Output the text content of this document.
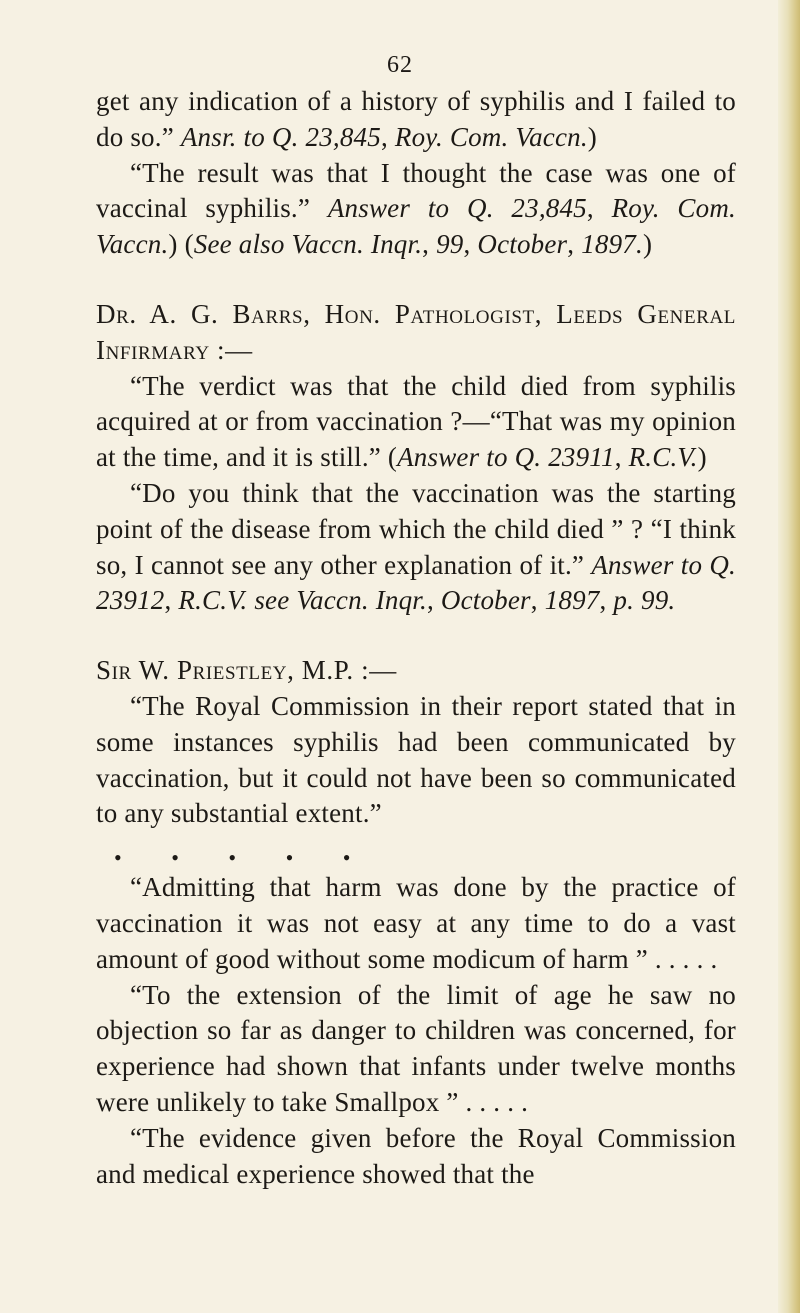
62

get any indication of a history of syphilis and I failed to do so.” Ansr. to Q. 23,845, Roy. Com. Vaccn.)

“The result was that I thought the case was one of vaccinal syphilis.” Answer to Q. 23,845, Roy. Com. Vaccn.) (See also Vaccn. Inqr., 99, October, 1897.)

Dr. A. G. Barrs, Hon. Pathologist, Leeds General Infirmary :—

“The verdict was that the child died from syphilis acquired at or from vaccination ?—“That was my opinion at the time, and it is still.” (Answer to Q. 23911, R.C.V.)

“Do you think that the vaccination was the starting point of the disease from which the child died ” ? “I think so, I cannot see any other explanation of it.” Answer to Q. 23912, R.C.V. see Vaccn. Inqr., October, 1897, p. 99.

Sir W. Priestley, M.P. :—

“The Royal Commission in their report stated that in some instances syphilis had been communicated by vaccination, but it could not have been so communicated to any substantial extent.”

• • • • •

“Admitting that harm was done by the practice of vaccination it was not easy at any time to do a vast amount of good without some modicum of harm ” . . . . .

“To the extension of the limit of age he saw no objection so far as danger to children was concerned, for experience had shown that infants under twelve months were unlikely to take Smallpox ” . . . . .

“The evidence given before the Royal Commission and medical experience showed that the
